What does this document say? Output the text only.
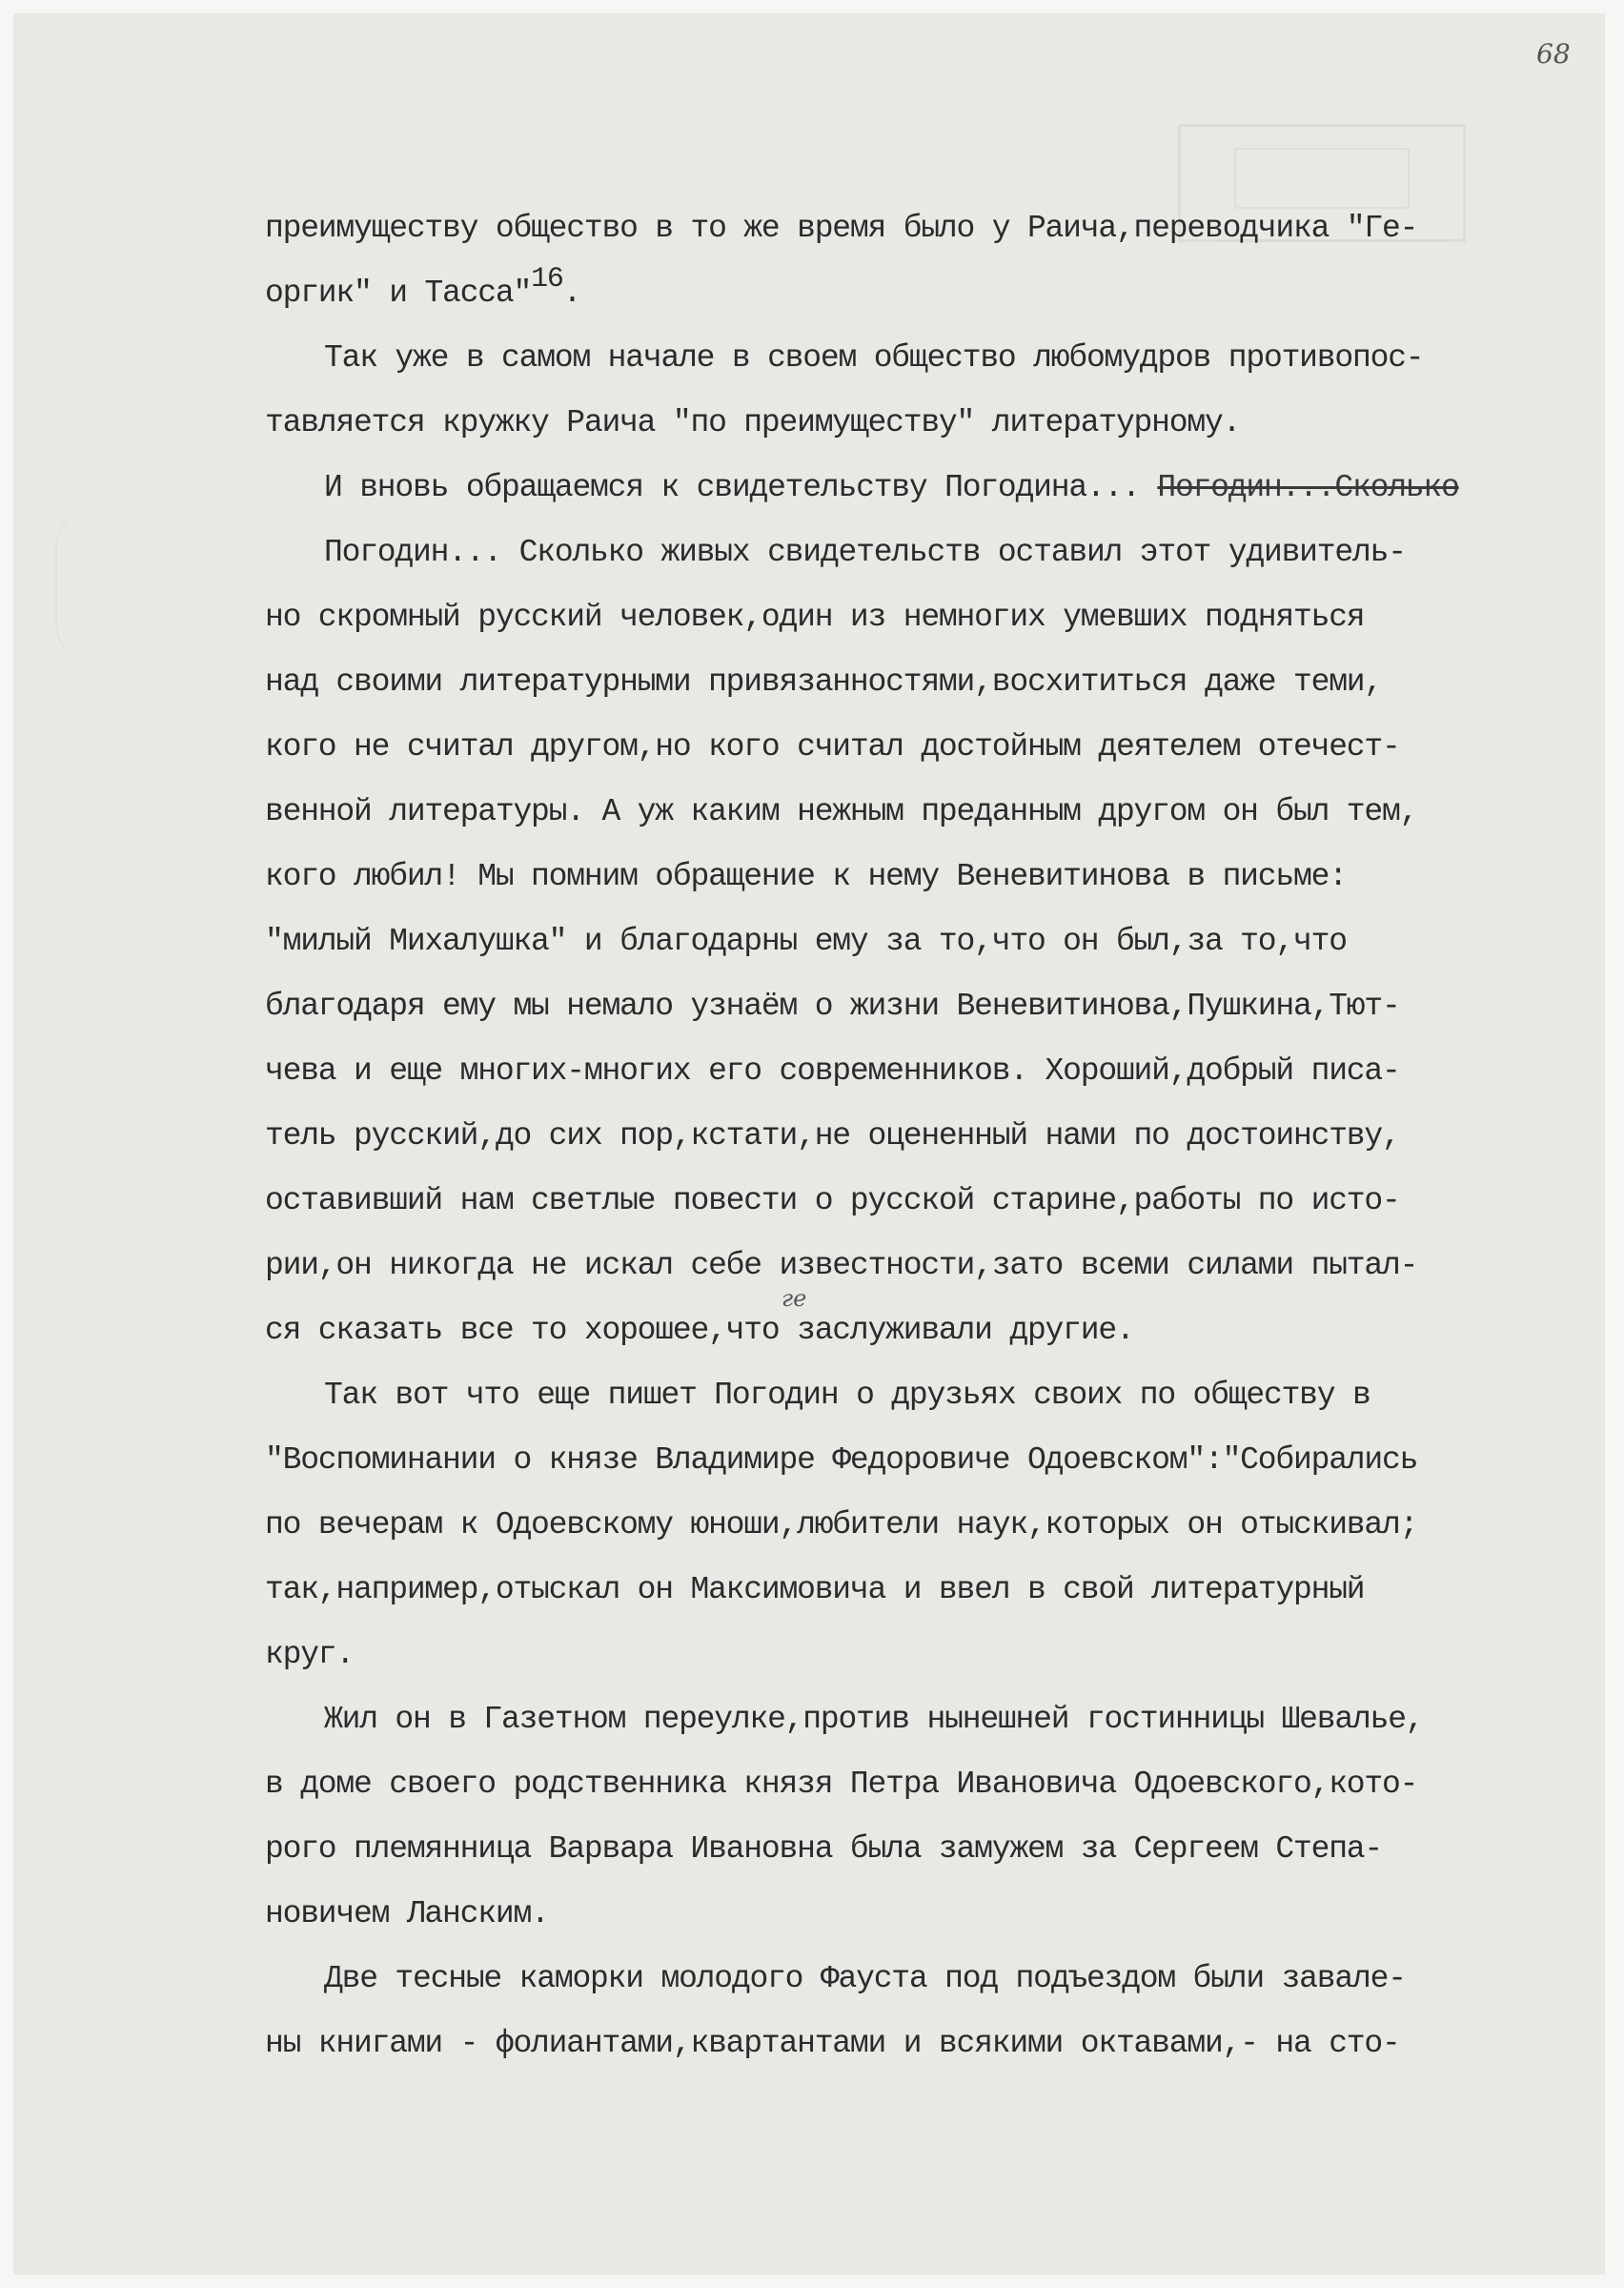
68
ге
преимуществу общество в то же время было у Раича,переводчика "Ге-
оргик" и Тасса"$^{16}$.
Так уже в самом начале в своем общество любомудров противопос-
тавляется кружку Раича "по преимуществу" литературному.
И вновь обращаемся к свидетельству Погодина... Погодин...Сколько
Погодин... Сколько живых свидетельств оставил этот удивитель-
но скромный русский человек,один из немногих умевших подняться
над своими литературными привязанностями,восхититься даже теми,
кого не считал другом,но кого считал достойным деятелем отечест-
венной литературы. А уж каким нежным преданным другом он был тем,
кого любил! Мы помним обращение к нему Веневитинова в письме:
"милый Михалушка" и благодарны ему за то,что он был,за то,что
благодаря ему мы немало узнаём о жизни Веневитинова,Пушкина,Тют-
чева и еще многих-многих его современников. Хороший,добрый писа-
тель русский,до сих пор,кстати,не оцененный нами по достоинству,
оставивший нам светлые повести о русской старине,работы по исто-
рии,он никогда не искал себе известности,зато всеми силами пытал-
ся сказать все то хорошее,что заслуживали другие.
Так вот что еще пишет Погодин о друзьях своих по обществу в
"Воспоминании о князе Владимире Федоровиче Одоевском":"Собирались
по вечерам к Одоевскому юноши,любители наук,которых он отыскивал;
так,например,отыскал он Максимовича и ввел в свой литературный
круг.
Жил он в Газетном переулке,против нынешней гостинницы Шевалье,
в доме своего родственника князя Петра Ивановича Одоевского,кото-
рого племянница Варвара Ивановна была замужем за Сергеем Степа-
новичем Ланским.
Две тесные каморки молодого Фауста под подъездом были завале-
ны книгами - фолиантами,квартантами и всякими октавами,- на сто-
